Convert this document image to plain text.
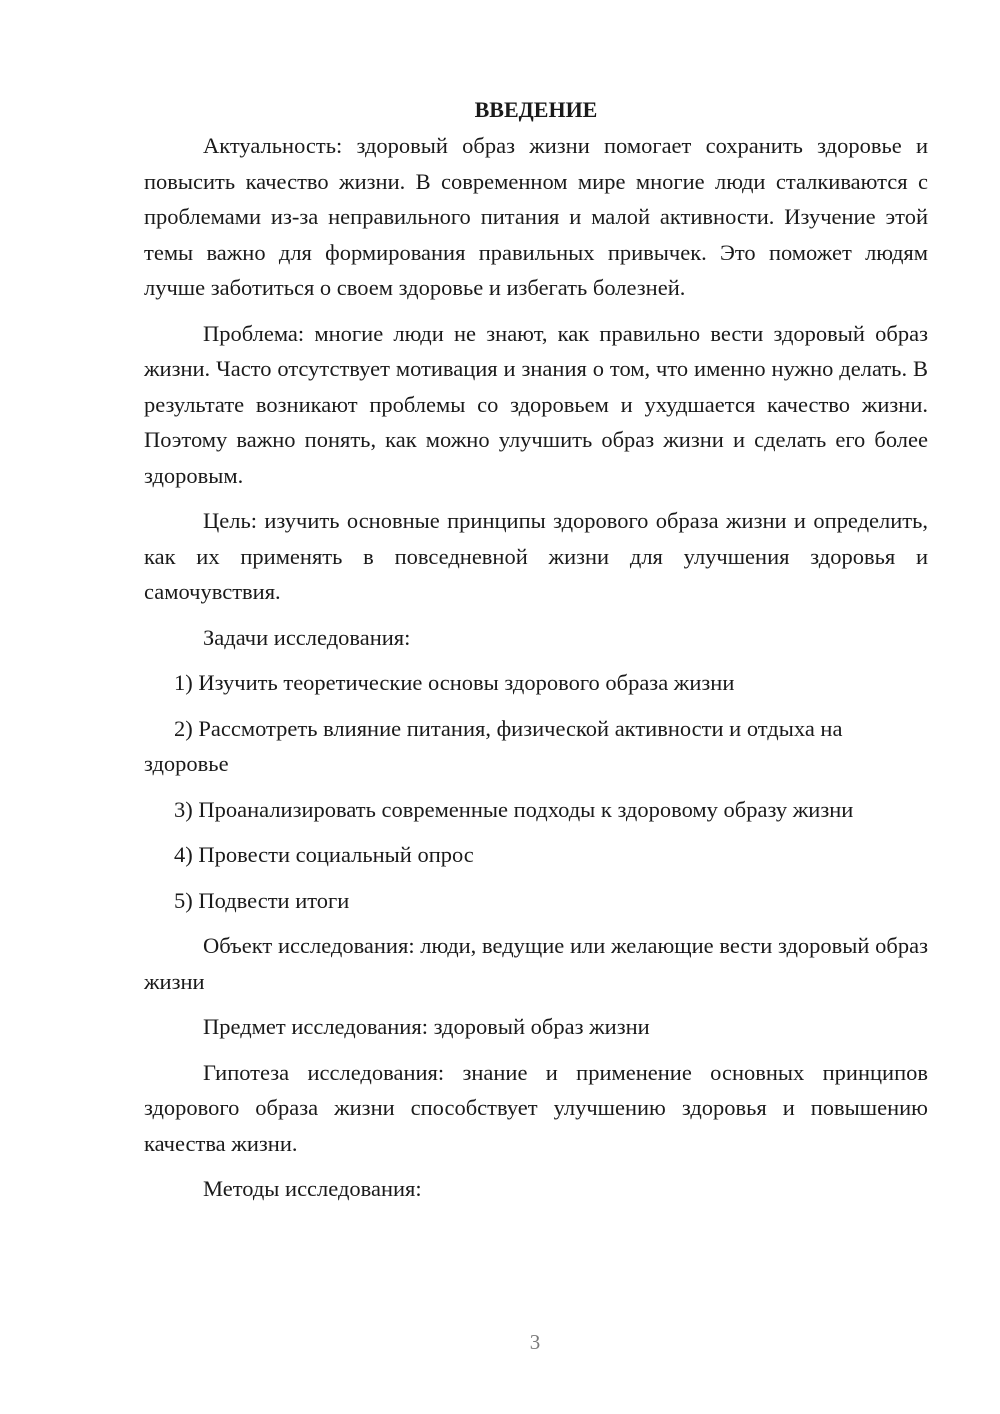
ВВЕДЕНИЕ

Актуальность: здоровый образ жизни помогает сохранить здоровье и повысить качество жизни. В современном мире многие люди сталкиваются с проблемами из-за неправильного питания и малой активности. Изучение этой темы важно для формирования правильных привычек. Это поможет людям лучше заботиться о своем здоровье и избегать болезней.

Проблема: многие люди не знают, как правильно вести здоровый образ жизни. Часто отсутствует мотивация и знания о том, что именно нужно делать. В результате возникают проблемы со здоровьем и ухудшается качество жизни. Поэтому важно понять, как можно улучшить образ жизни и сделать его более здоровым.

Цель: изучить основные принципы здорового образа жизни и определить, как их применять в повседневной жизни для улучшения здоровья и самочувствия.

Задачи исследования:

1) Изучить теоретические основы здорового образа жизни

2) Рассмотреть влияние питания, физической активности и отдыха на здоровье

3) Проанализировать современные подходы к здоровому образу жизни

4) Провести социальный опрос

5) Подвести итоги

Объект исследования: люди, ведущие или желающие вести здоровый образ жизни

Предмет исследования: здоровый образ жизни

Гипотеза исследования: знание и применение основных принципов здорового образа жизни способствует улучшению здоровья и повышению качества жизни.

Методы исследования:

3
